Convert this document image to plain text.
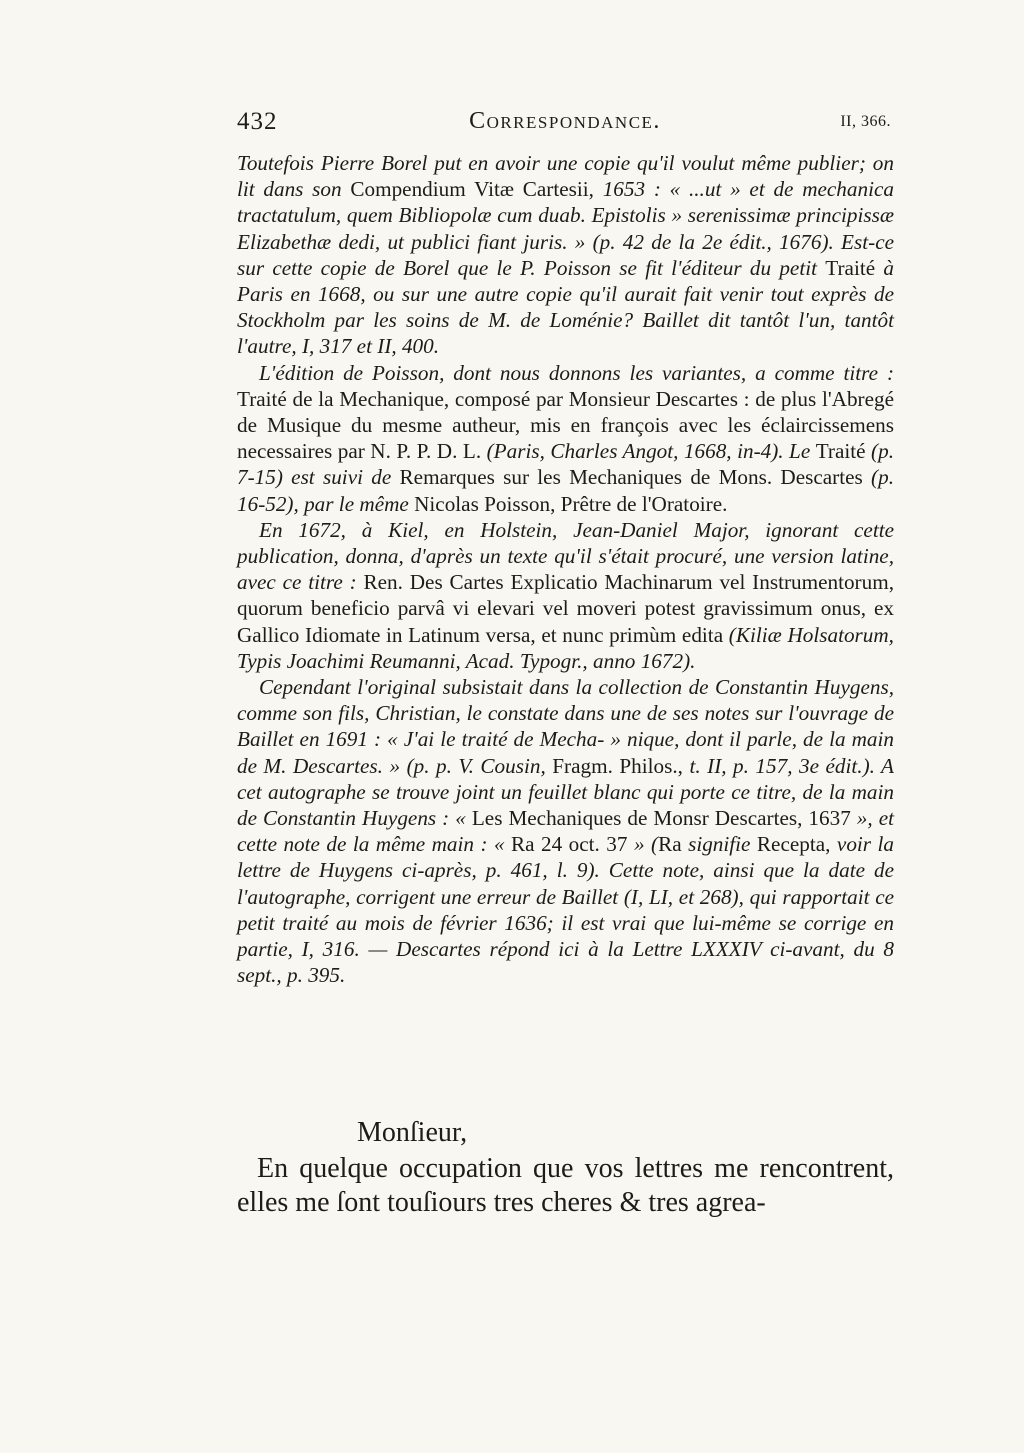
432	Correspondance.	II, 366.

Toutefois Pierre Borel put en avoir une copie qu'il voulut même publier; on lit dans son Compendium Vitæ Cartesii, 1653 : « ...ut » et de mechanica tractatulum, quem Bibliopolæ cum duab. Epistolis » serenissimæ principissæ Elizabethæ dedi, ut publici fiant juris. » (p. 42 de la 2e édit., 1676). Est-ce sur cette copie de Borel que le P. Poisson se fit l'éditeur du petit Traité à Paris en 1668, ou sur une autre copie qu'il aurait fait venir tout exprès de Stockholm par les soins de M. de Loménie? Baillet dit tantôt l'un, tantôt l'autre, I, 317 et II, 400.

L'édition de Poisson, dont nous donnons les variantes, a comme titre : Traité de la Mechanique, composé par Monsieur Descartes : de plus l'Abregé de Musique du mesme autheur, mis en françois avec les éclaircissemens necessaires par N. P. P. D. L. (Paris, Charles Angot, 1668, in-4). Le Traité (p. 7-15) est suivi de Remarques sur les Mechaniques de Mons. Descartes (p. 16-52), par le même Nicolas Poisson, Prêtre de l'Oratoire.

En 1672, à Kiel, en Holstein, Jean-Daniel Major, ignorant cette publication, donna, d'après un texte qu'il s'était procuré, une version latine, avec ce titre : Ren. Des Cartes Explicatio Machinarum vel Instrumentorum, quorum beneficio parvâ vi elevari vel moveri potest gravissimum onus, ex Gallico Idiomate in Latinum versa, et nunc primùm edita (Kiliæ Holsatorum, Typis Joachimi Reumanni, Acad. Typogr., anno 1672).

Cependant l'original subsistait dans la collection de Constantin Huygens, comme son fils, Christian, le constate dans une de ses notes sur l'ouvrage de Baillet en 1691 : « J'ai le traité de Mecha- » nique, dont il parle, de la main de M. Descartes. » (p. p. V. Cousin, Fragm. Philos., t. II, p. 157, 3e édit.). A cet autographe se trouve joint un feuillet blanc qui porte ce titre, de la main de Constantin Huygens : « Les Mechaniques de Monsr Descartes, 1637 », et cette note de la même main : « Ra 24 oct. 37 » (Ra signifie Recepta, voir la lettre de Huygens ci-après, p. 461, l. 9). Cette note, ainsi que la date de l'autographe, corrigent une erreur de Baillet (I, LI, et 268), qui rapportait ce petit traité au mois de février 1636; il est vrai que lui-même se corrige en partie, I, 316. — Descartes répond ici à la Lettre LXXXIV ci-avant, du 8 sept., p. 395.

Monſieur,

En quelque occupation que vos lettres me rencontrent, elles me ſont touſiours tres cheres & tres agrea-
